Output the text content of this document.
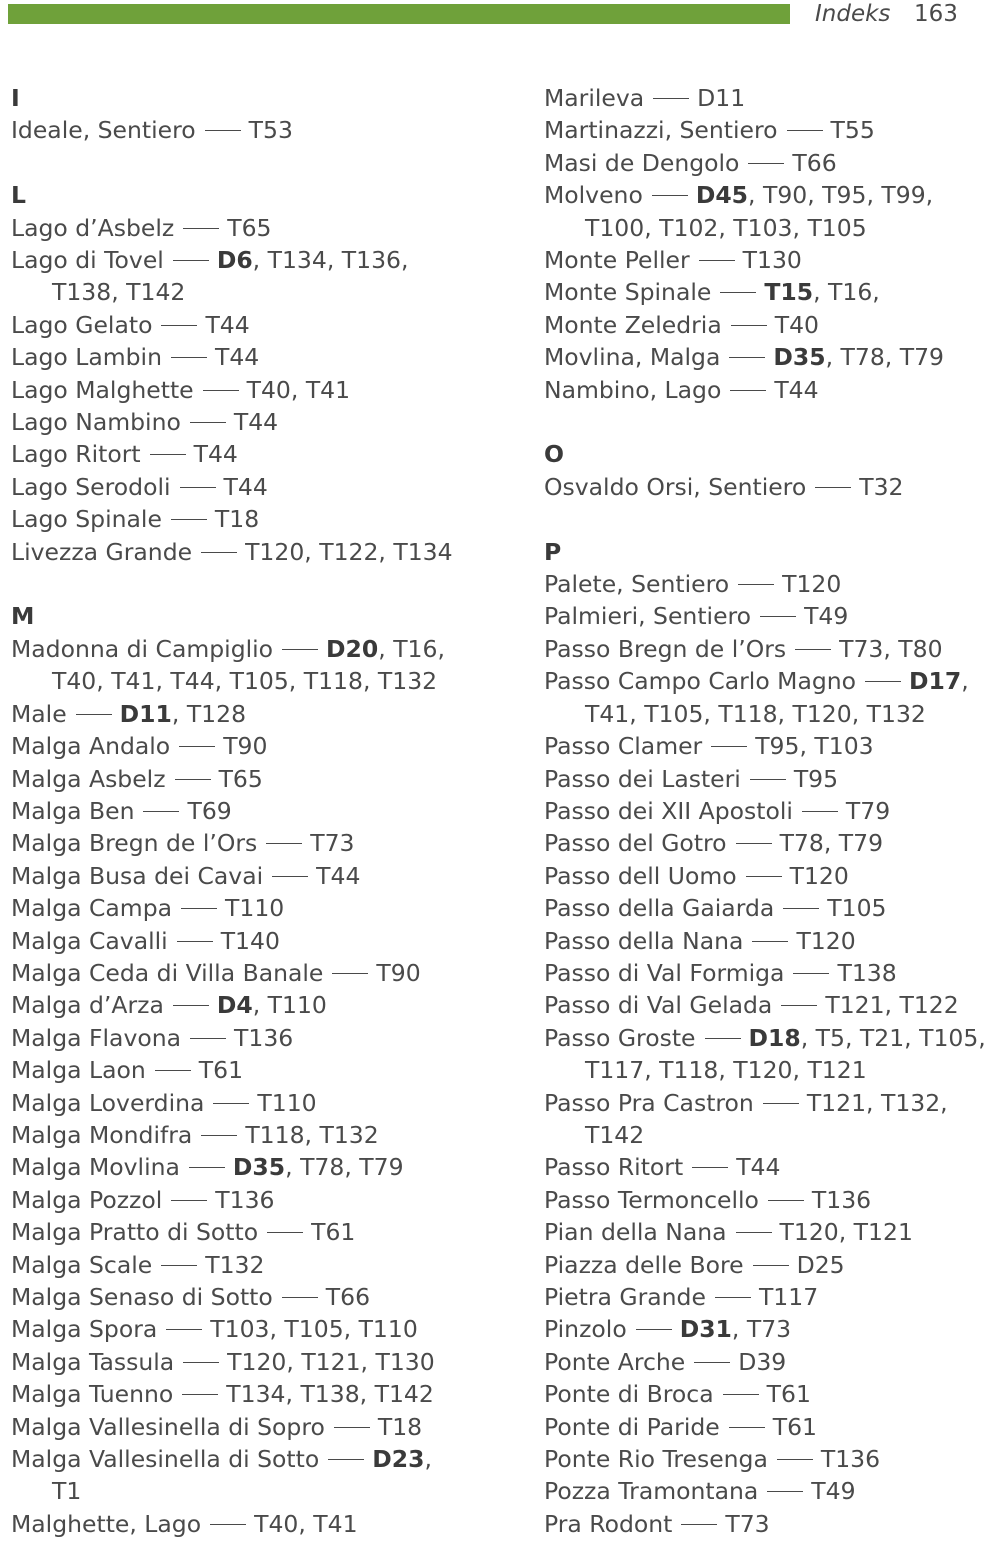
Indeks 163
I
Ideale, Sentiero T53
L
Lago d’Asbelz T65
Lago di Tovel D6, T134, T136,
T138, T142
Lago Gelato T44
Lago Lambin T44
Lago Malghette T40, T41
Lago Nambino T44
Lago Ritort T44
Lago Serodoli T44
Lago Spinale T18
Livezza Grande T120, T122, T134
M
Madonna di Campiglio D20, T16,
T40, T41, T44, T105, T118, T132
Male D11, T128
Malga Andalo T90
Malga Asbelz T65
Malga Ben T69
Malga Bregn de l’Ors T73
Malga Busa dei Cavai T44
Malga Campa T110
Malga Cavalli T140
Malga Ceda di Villa Banale T90
Malga d’Arza D4, T110
Malga Flavona T136
Malga Laon T61
Malga Loverdina T110
Malga Mondifra T118, T132
Malga Movlina D35, T78, T79
Malga Pozzol T136
Malga Pratto di Sotto T61
Malga Scale T132
Malga Senaso di Sotto T66
Malga Spora T103, T105, T110
Malga Tassula T120, T121, T130
Malga Tuenno T134, T138, T142
Malga Vallesinella di Sopro T18
Malga Vallesinella di Sotto D23,
T1
Malghette, Lago T40, T41
Marileva D11
Martinazzi, Sentiero T55
Masi de Dengolo T66
Molveno D45, T90, T95, T99,
T100, T102, T103, T105
Monte Peller T130
Monte Spinale T15, T16,
Monte Zeledria T40
Movlina, Malga D35, T78, T79
Nambino, Lago T44
O
Osvaldo Orsi, Sentiero T32
P
Palete, Sentiero T120
Palmieri, Sentiero T49
Passo Bregn de l’Ors T73, T80
Passo Campo Carlo Magno D17,
T41, T105, T118, T120, T132
Passo Clamer T95, T103
Passo dei Lasteri T95
Passo dei XII Apostoli T79
Passo del Gotro T78, T79
Passo dell Uomo T120
Passo della Gaiarda T105
Passo della Nana T120
Passo di Val Formiga T138
Passo di Val Gelada T121, T122
Passo Groste D18, T5, T21, T105,
T117, T118, T120, T121
Passo Pra Castron T121, T132,
T142
Passo Ritort T44
Passo Termoncello T136
Pian della Nana T120, T121
Piazza delle Bore D25
Pietra Grande T117
Pinzolo D31, T73
Ponte Arche D39
Ponte di Broca T61
Ponte di Paride T61
Ponte Rio Tresenga T136
Pozza Tramontana T49
Pra Rodont T73
